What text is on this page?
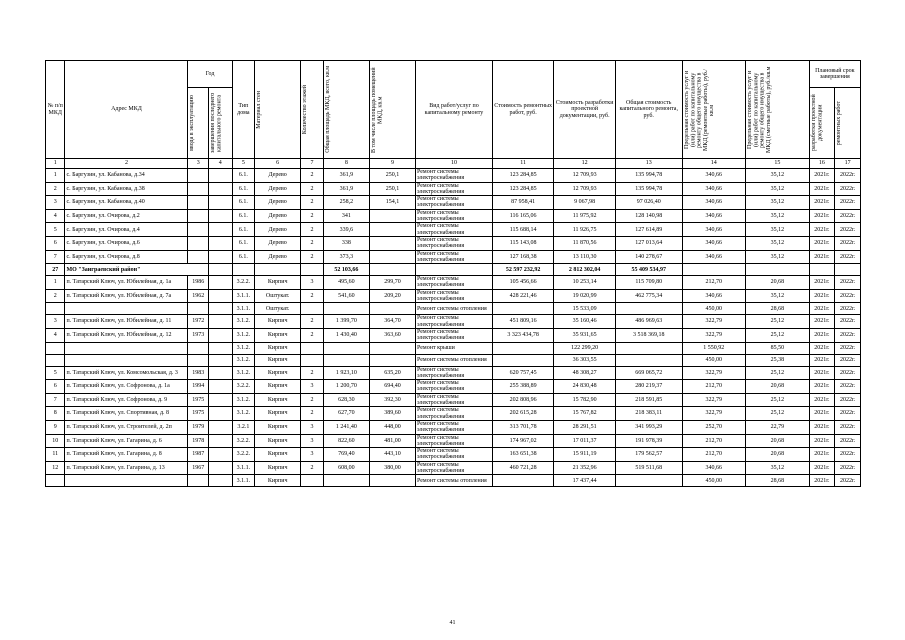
№ п/п МКД	Адрес МКД	Год		Тип дома	Материал стен	Количество этажей	Общая площадь МКД, всего, кв.м	В том числе площадь помещений МКД, кв.м	Вид работ/услуг по капитальному ремонту	Стоимость ремонтных работ, руб.	Стоимость разработки проектной документации, руб.	Общая стоимость капитального ремонта, руб.	Предельная стоимость услуг и (или) работ по капитальному ремонту общего имущества в МКД (ремонтные работы), руб./кв.м	Предельная стоимость услуг и (или) работ по капитальному ремонту общего имущества в МКД (сметные работы), руб./кв.м	Плановый срок завершения	

		ввода в эксплуатацию	завершения последнего капитального ремонта												разработки проектной документации	ремонтных работ

1	2	3	4	5	6	7	8	9	10	11	12	13	14	15	16	17
1	с. Баргузин, ул. Кабанова, д.34			6.1.	Дерево	2	361,9	250,1	Ремонт системы электроснабжения	123 284,85	12 709,93	135 994,78	340,66	35,12	2021г.	2022г.
2	с. Баргузин, ул. Кабанова, д.38			6.1.	Дерево	2	361,9	250,1	Ремонт системы электроснабжения	123 284,85	12 709,93	135 994,78	340,66	35,12	2021г.	2022г.
3	с. Баргузин, ул. Кабанова, д.40			6.1.	Дерево	2	258,2	154,1	Ремонт системы электроснабжения	87 958,41	9 067,98	97 026,40	340,66	35,12	2021г.	2022г.
4	с. Баргузин, ул. Очирова, д.2			6.1.	Дерево	2	341		Ремонт системы электроснабжения	116 165,06	11 975,92	128 140,98	340,66	35,12	2021г.	2022г.
5	с. Баргузин, ул. Очирова, д.4			6.1.	Дерево	2	339,6		Ремонт системы электроснабжения	115 688,14	11 926,75	127 614,89	340,66	35,12	2021г.	2022г.
6	с. Баргузин, ул. Очирова, д.6			6.1.	Дерево	2	338		Ремонт системы электроснабжения	115 143,08	11 870,56	127 013,64	340,66	35,12	2021г.	2022г.
7	с. Баргузин, ул. Очирова, д.8			6.1.	Дерево	2	373,3		Ремонт системы электроснабжения	127 168,38	13 110,30	140 278,67	340,66	35,12	2021г.	2022г.
27	МО "Заиграевский район"						52 103,66			52 597 232,92	2 812 302,04	55 409 534,97				
1	п. Татарский Ключ, ул. Юбилейная, д. 1а	1986		3.2.2.	Кирпич	3	495,60	299,70	Ремонт системы электроснабжения	105 456,66	10 253,14	115 709,80	212,70	20,68	2021г.	2022г.
2	п. Татарский Ключ, ул. Юбилейная, д. 7а	1962		3.1.1.	Оштукат.	2	541,60	209,20	Ремонт системы электроснабжения	428 221,46	19 020,99	462 775,34	340,66	35,12	2021г.	2022г.
				3.1.1.	Оштукат.				Ремонт системы отопления		15 533,09		450,00	28,68	2021г.	2022г.
3	п. Татарский Ключ, ул. Юбилейная, д. 11	1972		3.1.2.	Кирпич	2	1 399,70	364,70	Ремонт системы электроснабжения	451 809,16	35 160,46	486 969,63	322,79	25,12	2021г.	2022г.
4	п. Татарский Ключ, ул. Юбилейная, д. 12	1973		3.1.2.	Кирпич	2	1 430,40	363,60	Ремонт системы электроснабжения	3 323 434,78	35 931,65	3 518 369,18	322,79	25,12	2021г.	2022г.
				3.1.2.	Кирпич				Ремонт крыши		122 299,20		1 550,92	85,50	2021г.	2022г.
				3.1.2.	Кирпич				Ремонт системы отопления		36 303,55		450,00	25,38	2021г.	2022г.
5	п. Татарский Ключ, ул. Комсомольская, д. 3	1983		3.1.2.	Кирпич	2	1 923,10	635,20	Ремонт системы электроснабжения	620 757,45	48 308,27	669 065,72	322,79	25,12	2021г.	2022г.
6	п. Татарский Ключ, ул. Софронова, д. 1а	1994		3.2.2.	Кирпич	3	1 200,70	694,40	Ремонт системы электроснабжения	255 388,89	24 830,48	280 219,37	212,70	20,68	2021г.	2022г.
7	п. Татарский Ключ, ул. Софронова, д. 9	1975		3.1.2.	Кирпич	2	628,30	392,30	Ремонт системы электроснабжения	202 808,96	15 782,90	218 591,85	322,79	25,12	2021г.	2022г.
8	п. Татарский Ключ, ул. Спортивная, д. 8	1975		3.1.2.	Кирпич	2	627,70	389,60	Ремонт системы электроснабжения	202 615,28	15 767,82	218 383,11	322,79	25,12	2021г.	2022г.
9	п. Татарский Ключ, ул. Строителей, д. 2п	1979		3.2.1	Кирпич	3	1 241,40	448,00	Ремонт системы электроснабжения	313 701,78	28 291,51	341 993,29	252,70	22,79	2021г.	2022г.
10	п. Татарский Ключ, ул. Гагарина, д. 6	1978		3.2.2.	Кирпич	3	822,60	481,00	Ремонт системы электроснабжения	174 967,02	17 011,37	191 978,39	212,70	20,68	2021г.	2022г.
11	п. Татарский Ключ, ул. Гагарина, д. 8	1987		3.2.2.	Кирпич	3	769,40	443,10	Ремонт системы электроснабжения	163 651,38	15 911,19	179 562,57	212,70	20,68	2021г.	2022г.
12	п. Татарский Ключ, ул. Гагарина, д. 13	1967		3.1.1.	Кирпич	2	608,00	380,00	Ремонт системы электроснабжения	460 721,28	21 352,96	519 511,68	340,66	35,12	2021г.	2022г.
				3.1.1.	Кирпич				Ремонт системы отопления		17 437,44		450,00	28,68	2021г.	2022г.
41
